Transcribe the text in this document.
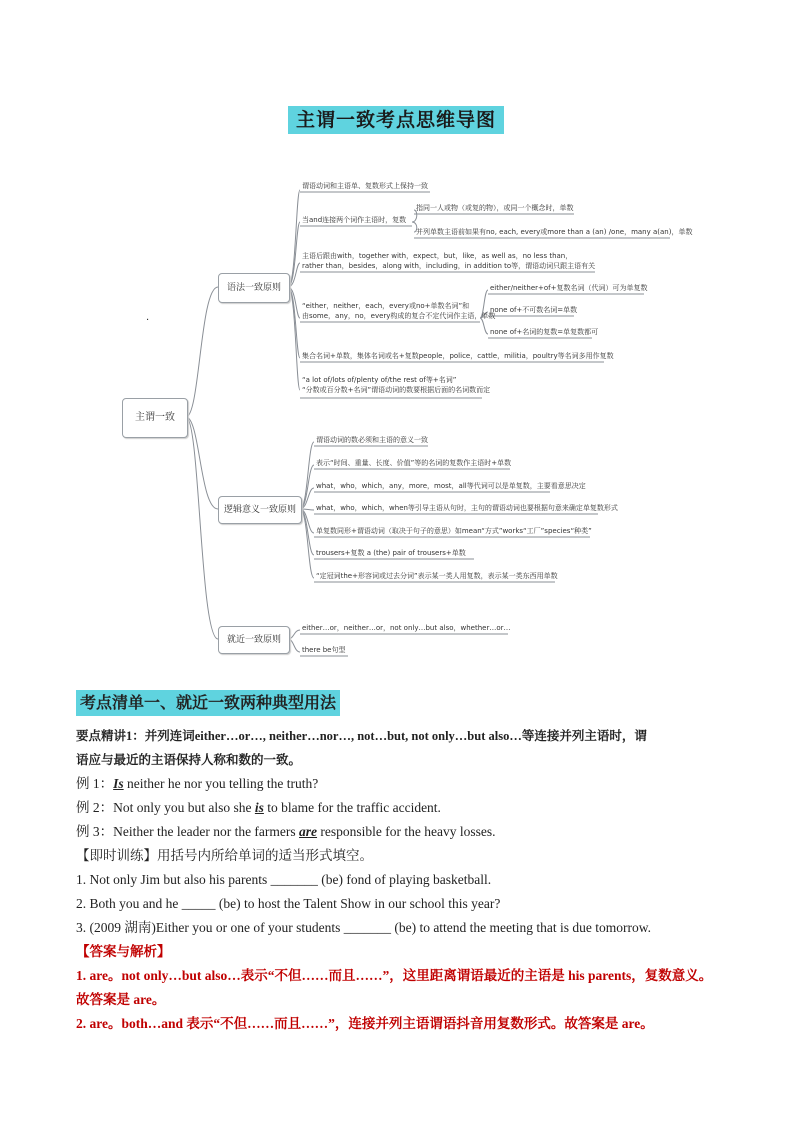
主谓一致考点思维导图
主谓一致
语法一致原则
逻辑意义一致原则
就近一致原则
.
谓语动词和主语单、复数形式上保持一致
当and连接两个词作主语时，复数
指同一人或物（或复的物），或同一个概念时，单数
并列单数主语前如果有no, each, every或more than a (an) /one，many a(an)，单数
主语后跟由with，together with，expect，but，like，as well as，no less than，
rather than，besides，along with，including，in addition to等，谓语动词只跟主语有关
“either，neither，each，every或no+单数名词”和
由some，any，no，every构成的复合不定代词作主语，单数
either/neither+of+复数名词（代词）可为单复数
none of+不可数名词=单数
none of+名词的复数=单复数都可
集合名词+单数，集体名词或名+复数people，police，cattle，militia，poultry等名词多用作复数
“a lot of/lots of/plenty of/the rest of等+名词”
“分数或百分数+名词”谓语动词的数要根据后面的名词数而定
谓语动词的数必须和主语的意义一致
表示“时间、重量、长度、价值”等的名词的复数作主语时+单数
what，who，which，any，more，most，all等代词可以是单复数，主要看意思决定
what，who，which，when等引导主语从句时，主句的谓语动词也要根据句意来确定单复数形式
单复数同形+谓语动词（取决于句子的意思）如mean“方式”works“工厂”species“种类”
trousers+复数 a (the) pair of trousers+单数
“定冠词the+形容词或过去分词”表示某一类人用复数，表示某一类东西用单数
either…or，neither…or，not only…but also，whether…or…
there be句型
考点清单一、就近一致两种典型用法
要点精讲1：并列连词either…or…, neither…nor…, not…but, not only…but also…等连接并列主语时，谓
语应与最近的主语保持人称和数的一致。
例 1：Is neither he nor you telling the truth?
例 2：Not only you but also she is to blame for the traffic accident.
例 3：Neither the leader nor the farmers are responsible for the heavy losses.
【即时训练】用括号内所给单词的适当形式填空。
1. Not only Jim but also his parents _______ (be) fond of playing basketball.
2. Both you and he _____ (be) to host the Talent Show in our school this year?
3. (2009 湖南)Either you or one of your students _______ (be) to attend the meeting that is due tomorrow.
【答案与解析】
1. are。not only…but also…表示“不但……而且……”，这里距离谓语最近的主语是 his parents，复数意义。
故答案是 are。
2. are。both…and 表示“不但……而且……”，连接并列主语谓语抖音用复数形式。故答案是 are。
